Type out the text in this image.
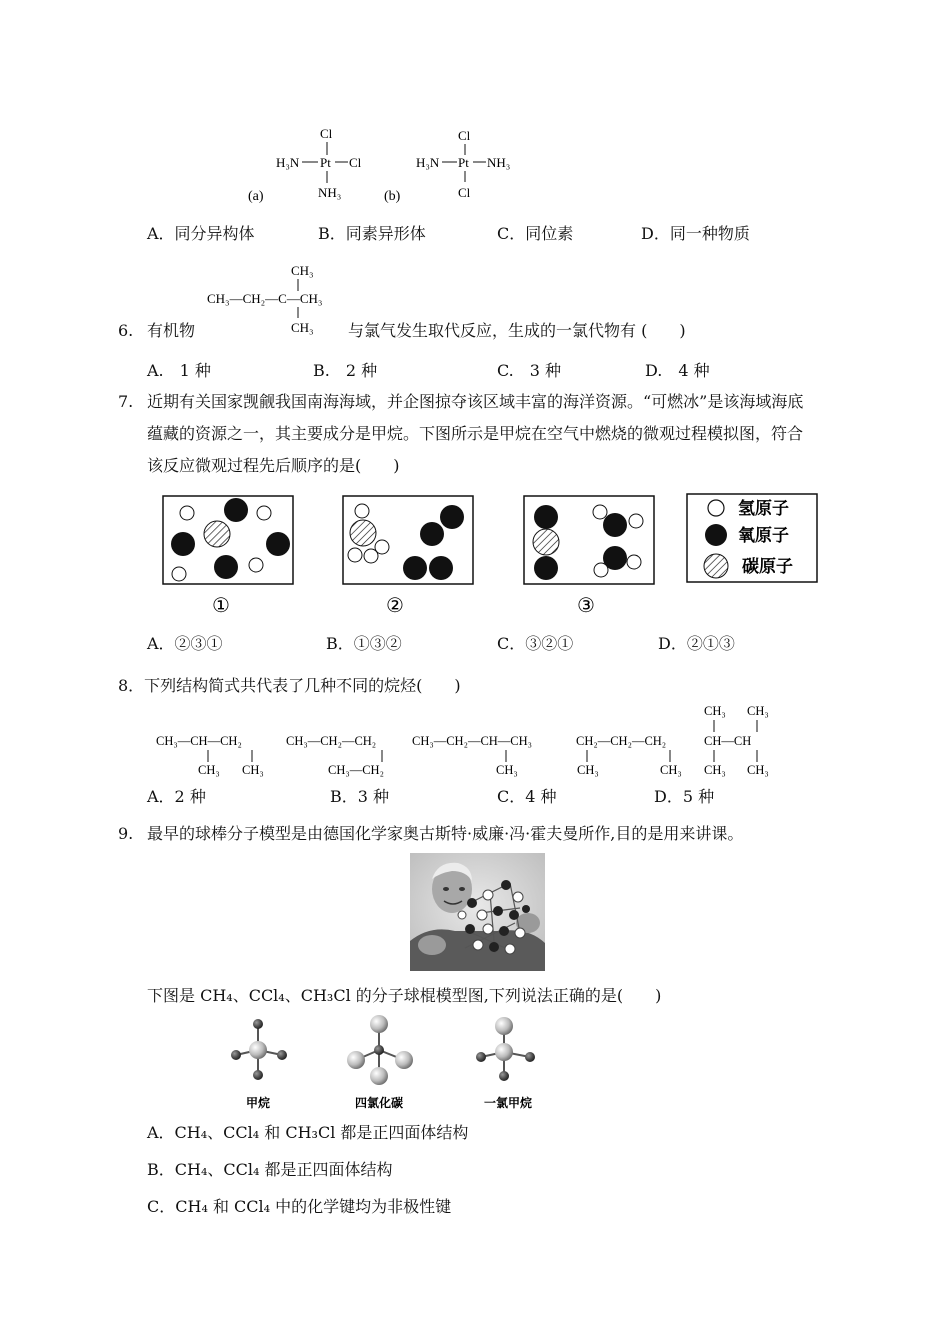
Cl
H₃N Pt Cl
NH₃
(a)
Cl
H₃N Pt NH₃
Cl
(b)
A．同分异构体	B．同素异形体	C．同位素	D．同一种物质
CH₃
CH₃—CH₂—C—CH₃
CH₃
6. 有机物	与氯气发生取代反应，生成的一氯代物有 (　　)
A.　1 种	B.　2 种	C.　3 种	D.　4 种
7. 近期有关国家觊觎我国南海海域，并企图掠夺该区域丰富的海洋资源。“可燃冰”是该海域海底
蕴藏的资源之一，其主要成分是甲烷。下图所示是甲烷在空气中燃烧的微观过程模拟图，符合
该反应微观过程先后顺序的是(　　)
①	②	③
氢原子
氧原子
碳原子
A．②③①	B．①③②	C．③②①	D．②①③
8．下列结构简式共代表了几种不同的烷烃(　　)
CH₃—CH—CH₂
CH₃ CH₃
CH₃—CH₂—CH₂
CH₃—CH₂
CH₃—CH₂—CH—CH₃
CH₃
CH₂—CH₂—CH₂
CH₃	CH₃
CH₃ CH₃
CH—CH
CH₃ CH₃
A．2 种	B．3 种	C．4 种	D．5 种
9. 最早的球棒分子模型是由德国化学家奥古斯特·威廉·冯·霍夫曼所作,目的是用来讲课。
下图是 CH₄、CCl₄、CH₃Cl 的分子球棍模型图,下列说法正确的是(　　)
甲烷	四氯化碳	一氯甲烷
A．CH₄、CCl₄ 和 CH₃Cl 都是正四面体结构
B．CH₄、CCl₄ 都是正四面体结构
C．CH₄ 和 CCl₄ 中的化学键均为非极性键
